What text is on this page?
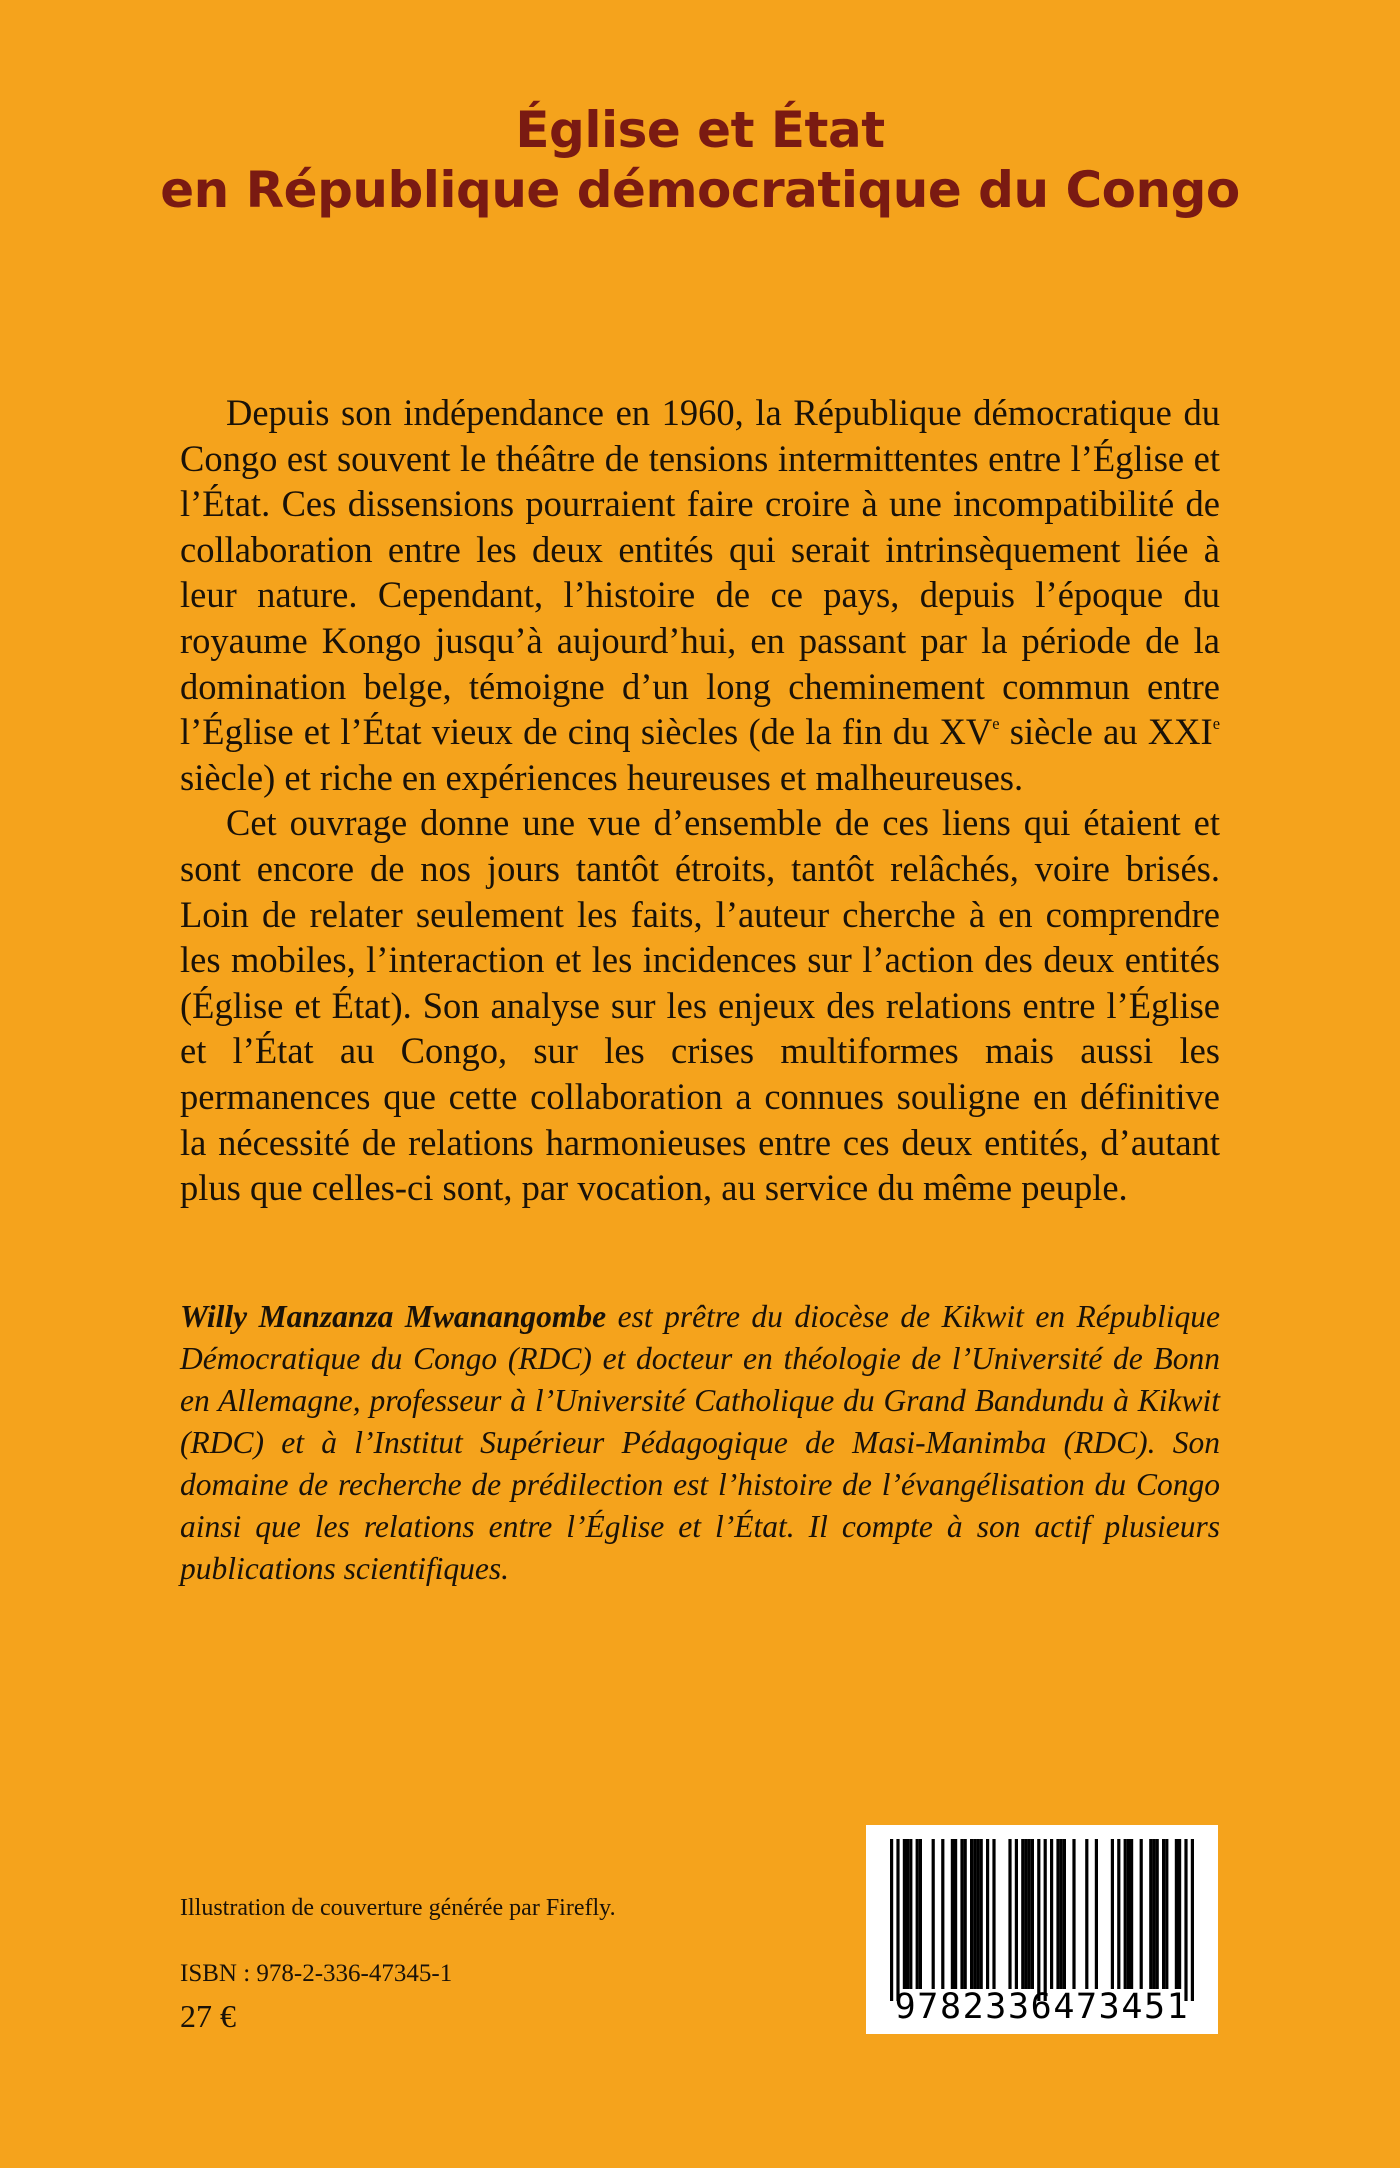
Église et État
en République démocratique du Congo

Depuis son indépendance en 1960, la République démocratique du Congo est souvent le théâtre de tensions intermittentes entre l’Église et l’État. Ces dissensions pourraient faire croire à une incompatibilité de collaboration entre les deux entités qui serait intrinsèquement liée à leur nature. Cependant, l’histoire de ce pays, depuis l’époque du royaume Kongo jusqu’à aujourd’hui, en passant par la période de la domination belge, témoigne d’un long cheminement commun entre l’Église et l’État vieux de cinq siècles (de la fin du XVe siècle au XXIe siècle) et riche en expériences heureuses et malheureuses.

Cet ouvrage donne une vue d’ensemble de ces liens qui étaient et sont encore de nos jours tantôt étroits, tantôt relâchés, voire brisés. Loin de relater seulement les faits, l’auteur cherche à en comprendre les mobiles, l’interaction et les incidences sur l’action des deux entités (Église et État). Son analyse sur les enjeux des relations entre l’Église et l’État au Congo, sur les crises multiformes mais aussi les permanences que cette collaboration a connues souligne en définitive la nécessité de relations harmonieuses entre ces deux entités, d’autant plus que celles-ci sont, par vocation, au service du même peuple.

Willy Manzanza Mwanangombe est prêtre du diocèse de Kikwit en République Démocratique du Congo (RDC) et docteur en théologie de l’Université de Bonn en Allemagne, professeur à l’Université Catholique du Grand Bandundu à Kikwit (RDC) et à l’Institut Supérieur Pédagogique de Masi-Manimba (RDC). Son domaine de recherche de prédilection est l’histoire de l’évangélisation du Congo ainsi que les relations entre l’Église et l’État. Il compte à son actif plusieurs publications scientifiques.
Illustration de couverture générée par Firefly.
ISBN : 978-2-336-47345-1
27 €	9782336473451
